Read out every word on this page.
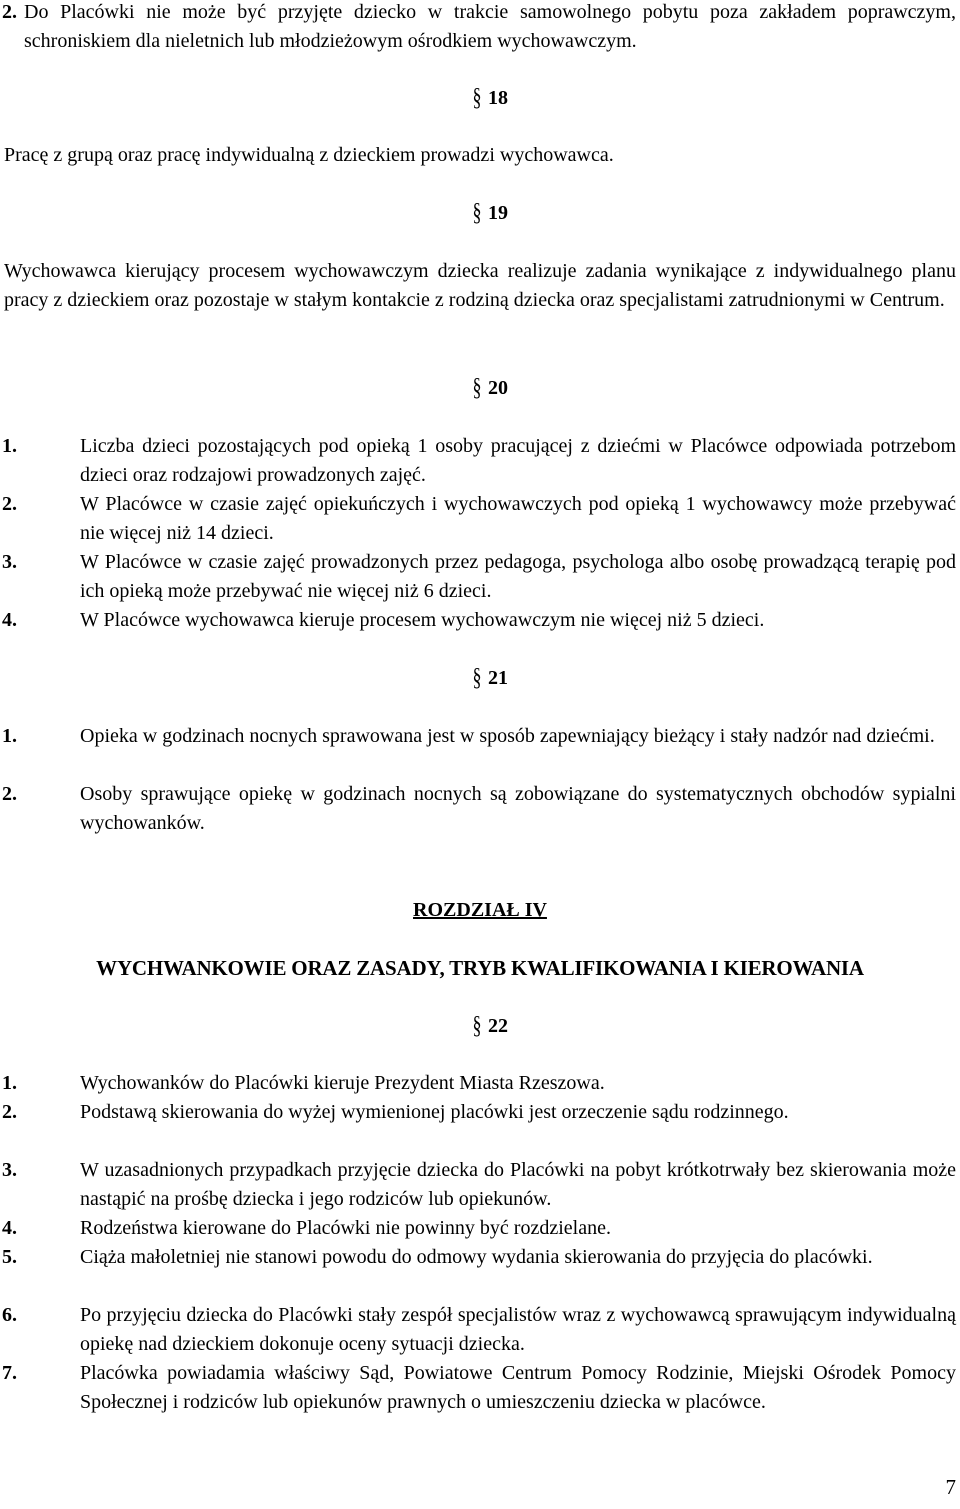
2. Do Placówki nie może być przyjęte dziecko w trakcie samowolnego pobytu poza zakładem poprawczym, schroniskiem dla nieletnich lub młodzieżowym ośrodkiem wychowawczym.
§ 18
Pracę z grupą oraz pracę indywidualną z dzieckiem prowadzi wychowawca.
§ 19
Wychowawca kierujący procesem wychowawczym dziecka realizuje zadania wynikające z indywidualnego planu pracy z dzieckiem oraz pozostaje w stałym kontakcie z rodziną dziecka oraz specjalistami zatrudnionymi w Centrum.
§ 20
1.	Liczba dzieci pozostających pod opieką 1 osoby pracującej z dziećmi w Placówce odpowiada potrzebom dzieci oraz rodzajowi prowadzonych zajęć.
2.	W Placówce w czasie zajęć opiekuńczych i wychowawczych pod opieką 1 wychowawcy może przebywać nie więcej niż 14 dzieci.
3.	W Placówce w czasie zajęć prowadzonych przez pedagoga, psychologa albo osobę prowadzącą terapię pod ich opieką może przebywać nie więcej niż 6 dzieci.
4.	W Placówce wychowawca kieruje procesem wychowawczym nie więcej niż 5 dzieci.
§ 21
1.	Opieka w godzinach nocnych sprawowana jest w sposób zapewniający bieżący i stały nadzór nad dziećmi.
2.	Osoby sprawujące opiekę w godzinach nocnych są zobowiązane do systematycznych obchodów sypialni wychowanków.
ROZDZIAŁ IV
WYCHWANKOWIE ORAZ ZASADY, TRYB KWALIFIKOWANIA I KIEROWANIA
§ 22
1.	Wychowanków do Placówki kieruje Prezydent Miasta Rzeszowa.
2.	Podstawą skierowania do wyżej wymienionej placówki jest orzeczenie sądu rodzinnego.
3.	W uzasadnionych przypadkach przyjęcie dziecka do Placówki na pobyt krótkotrwały bez skierowania może nastąpić na prośbę dziecka i jego rodziców lub opiekunów.
4.	Rodzeństwa kierowane do Placówki nie powinny być rozdzielane.
5.	Ciąża małoletniej nie stanowi powodu do odmowy wydania skierowania do przyjęcia do placówki.
6.	Po przyjęciu dziecka do Placówki stały zespół specjalistów wraz z wychowawcą sprawującym indywidualną opiekę nad dzieckiem dokonuje oceny sytuacji dziecka.
7.	Placówka powiadamia właściwy Sąd, Powiatowe Centrum Pomocy Rodzinie, Miejski Ośrodek Pomocy Społecznej i rodziców lub opiekunów prawnych o umieszczeniu dziecka w placówce.
7
